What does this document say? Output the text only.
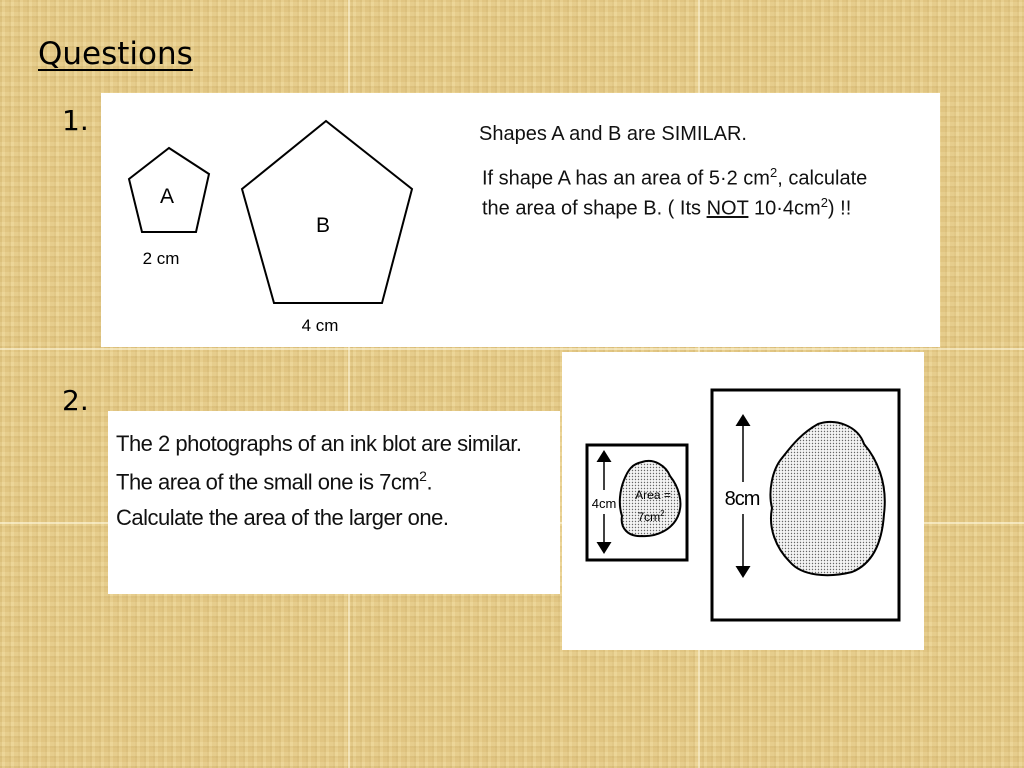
Questions
1.
2.
A
B
2 cm
4 cm
Shapes A and B are SIMILAR.
If shape A has an area of 5·2 $cm^2$, calculate
the area of shape B. ( Its NOT $10\cdot 4cm^2$) !!
The 2 photographs of an ink blot are similar.
The area of the small one is $7cm^2$.
Calculate the area of the larger one.
4cm
Area =
$7cm^2$
8cm
